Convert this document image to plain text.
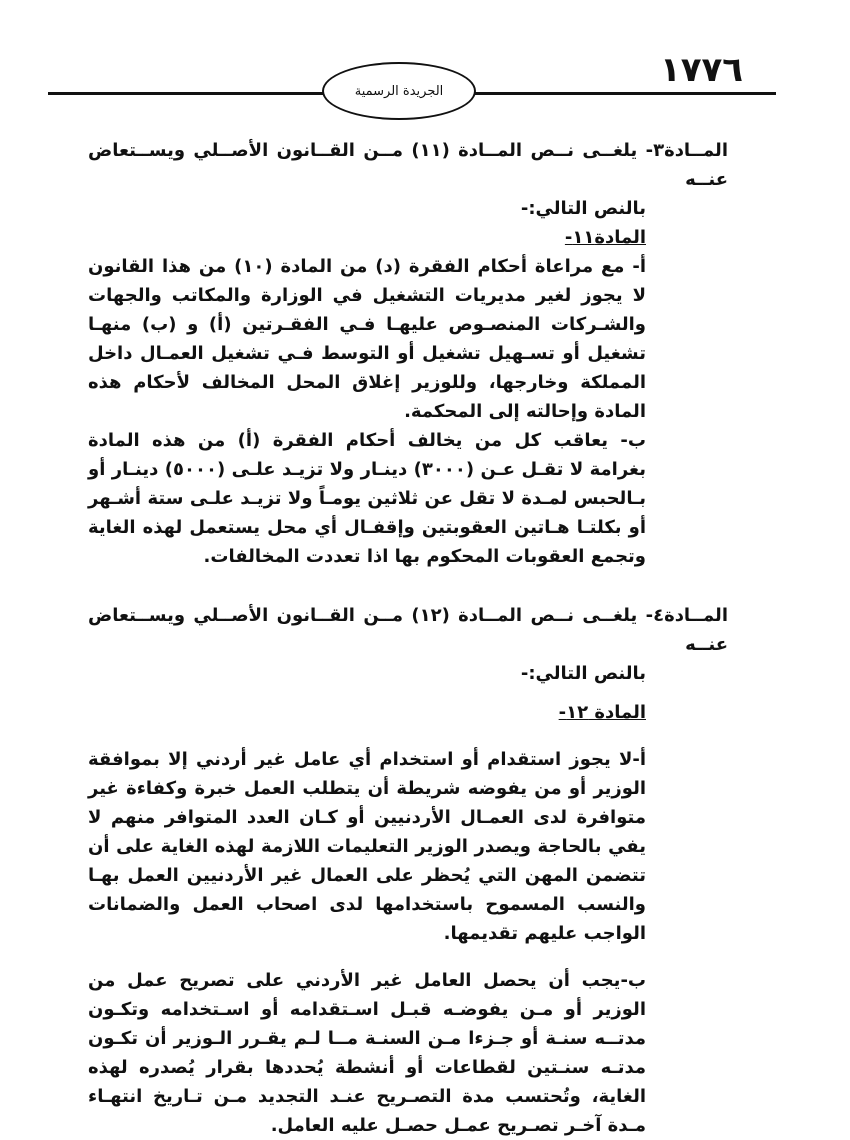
١٧٧٦
الجريدة الرسمية

المــادة٣- يلغــى نــص المــادة (١١) مــن القــانون الأصــلي ويســتعاض عنــه

بالنص التالي:-

المادة١١-

أ- مع مراعاة أحكام الفقرة (د) من المادة (١٠) من هذا القانون لا يجوز لغير مديريات التشغيل في الوزارة والمكاتب والجهات والشـركات المنصـوص عليهـا فـي الفقـرتين (أ) و (ب) منهـا تشغيل أو تسـهيل تشغيل أو التوسط فـي تشغيل العمـال داخل المملكة وخارجها، وللوزير إغلاق المحل المخالف لأحكام هذه المادة وإحالته إلى المحكمة.

ب- يعاقب كل من يخالف أحكام الفقرة (أ) من هذه المادة بغرامة لا تقـل عـن (٣٠٠٠) دينـار ولا تزيـد علـى (٥٠٠٠) دينـار أو بـالحبس لمـدة لا تقل عن ثلاثين يومـاً ولا تزيـد علـى ستة أشـهر أو بكلتـا هـاتين العقوبتين وإقفـال أي محل يستعمل لهذه الغاية وتجمع العقوبات المحكوم بها اذا تعددت المخالفات.

المــادة٤- يلغــى نــص المــادة (١٢) مــن القــانون الأصــلي ويســتعاض عنــه

بالنص التالي:-

المادة ١٢-

أ-لا يجوز استقدام أو استخدام أي عامل غير أردني إلا بموافقة الوزير أو من يفوضه شريطة أن يتطلب العمل خبرة وكفاءة غير متوافرة لدى العمـال الأردنيين أو كـان العدد المتوافر منهم لا يفي بالحاجة ويصدر الوزير التعليمات اللازمة لهذه الغاية على أن تتضمن المهن التي يُحظر على العمال غير الأردنيين العمل بهـا والنسب المسموح باستخدامها لدى اصحاب العمل والضمانات الواجب عليهم تقديمها.

ب-يجب أن يحصل العامل غير الأردني على تصريح عمل من الوزير أو مـن يفوضـه قبـل اسـتقدامه أو اسـتخدامه وتكـون مدتــه سنـة أو جـزءا مـن السنـة مــا لـم يقـرر الـوزير أن تكـون مدتـه سنـتين لقطاعات أو أنشطة يُحددها بقرار يُصدره لهذه الغاية، وتُحتسب مدة التصـريح عنـد التجديد مـن تـاريخ انتهـاء مـدة آخـر تصـريح عمـل حصـل عليه العامل.
